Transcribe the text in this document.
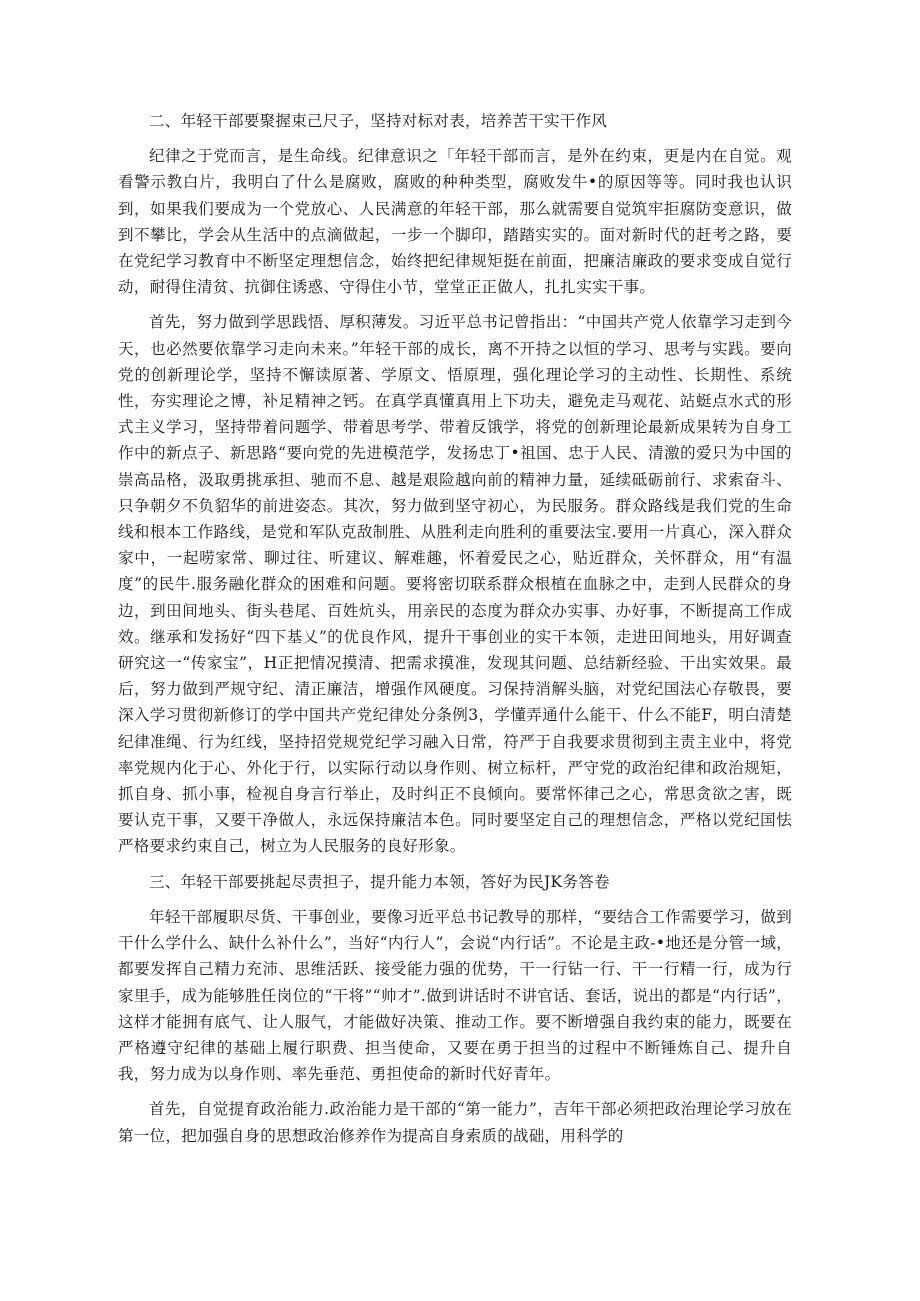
二、年轻干部要聚握束己尺子，坚持对标对表，培养苦干实干作风

纪律之于党而言，是生命线。纪律意识之「年轻干部而言，是外在约束，更是内在自觉。观看警示教白片，我明白了什么是腐败，腐败的种种类型，腐败发牛•的原因等等。同时我也认识到，如果我们要成为一个党放心、人民满意的年轻干部，那么就需要自觉筑牢拒腐防变意识，做到不攀比，学会从生活中的点滴做起，一步一个脚印，踏踏实实的。面对新时代的赶考之路，要在党纪学习教育中不断坚定理想信念，始终把纪律规矩挺在前面，把廉洁廉政的要求变成自觉行动，耐得住清贫、抗御住诱惑、守得住小节，堂堂正正做人，扎扎实实干事。

首先，努力做到学思践悟、厚积薄发。习近平总书记曾指出：“中国共产党人依靠学习走到今天，也必然要依靠学习走向未来。”年轻干部的成长，离不开持之以恒的学习、思考与实践。要向党的创新理论学，坚持不懈读原著、学原文、悟原理，强化理论学习的主动性、长期性、系统性，夯实理论之博，补足精神之钙。在真学真懂真用上下功夫，避免走马观花、站蜓点水式的形式主义学习，坚持带着问题学、带着思考学、带着反饿学，将党的创新理论最新成果转为自身工作中的新点子、新思路“要向党的先进模范学，发扬忠丁•祖国、忠于人民、清激的爱只为中国的崇高品格，汲取勇挑承担、驰而不息、越是艰险越向前的精神力量，延续砥砺前行、求索奋斗、只争朝夕不负貂华的前进姿态。其次，努力做到坚守初心，为民服务。群众路线是我们党的生命线和根本工作路线，是党和军队克敌制胜、从胜利走向胜利的重要法宝.要用一片真心，深入群众家中，一起唠家常、聊过往、听建议、解难趣，怀着爱民之心，贴近群众，关怀群众，用“有温度”的民牛.服务融化群众的困难和问题。要将密切联系群众根植在血脉之中，走到人民群众的身边，到田间地头、街头巷尾、百姓炕头，用亲民的态度为群众办实事、办好事，不断提高工作成效。继承和发扬好“四下基乂”的优良作风，提升干事创业的实干本领，走进田间地头，用好调查研究这一“传家宝”，H正把情况摸清、把需求摸准，发现其问题、总结新经验、干出实效果。最后，努力做到严规守纪、清正廉洁，增强作风硬度。习保持消解头脑，对党纪国法心存敬畏，要深入学习贯彻新修订的学中国共产党纪律处分条例3，学懂弄通什么能干、什么不能F，明白清楚纪律准绳、行为红线，坚持招党规党纪学习融入日常，符严于自我要求贯彻到主责主业中，将党率党规内化于心、外化于行，以实际行动以身作则、树立标杆，严守党的政治纪律和政治规矩，抓自身、抓小事，检视自身言行举止，及时纠正不良倾向。要常怀律己之心，常思贪欲之害，既要认克干事，又要干净做人，永远保持廉洁本色。同时要坚定自己的理想信念，严格以党纪国怯严格要求约束自己，树立为人民服务的良好形象。

三、年轻干部要挑起尽责担子，提升能力本领，答好为民JK务答卷

年轻干部履职尽货、干事创业，要像习近平总书记教导的那样，“要结合工作需要学习，做到干什么学什么、缺什么补什么”，当好“内行人”，会说“内行话”。不论是主政-•地还是分管一域，都要发挥自己精力充沛、思维活跃、接受能力强的优势，干一行钻一行、干一行精一行，成为行家里手，成为能够胜任岗位的“干将”“帅才”.做到讲话时不讲官话、套话，说出的都是“内行话”，这样才能拥有底气、让人服气，才能做好决策、推动工作。要不断增强自我约束的能力，既要在严格遵守纪律的基础上履行职费、担当使命，又要在勇于担当的过程中不断锤炼自己、提升自我，努力成为以身作则、率先垂范、勇担使命的新时代好青年。

首先，自觉提育政治能力.政治能力是干部的“第一能力”，吉年干部必须把政治理论学习放在第一位，把加强自身的思想政治修养作为提高自身索质的战础，用科学的
